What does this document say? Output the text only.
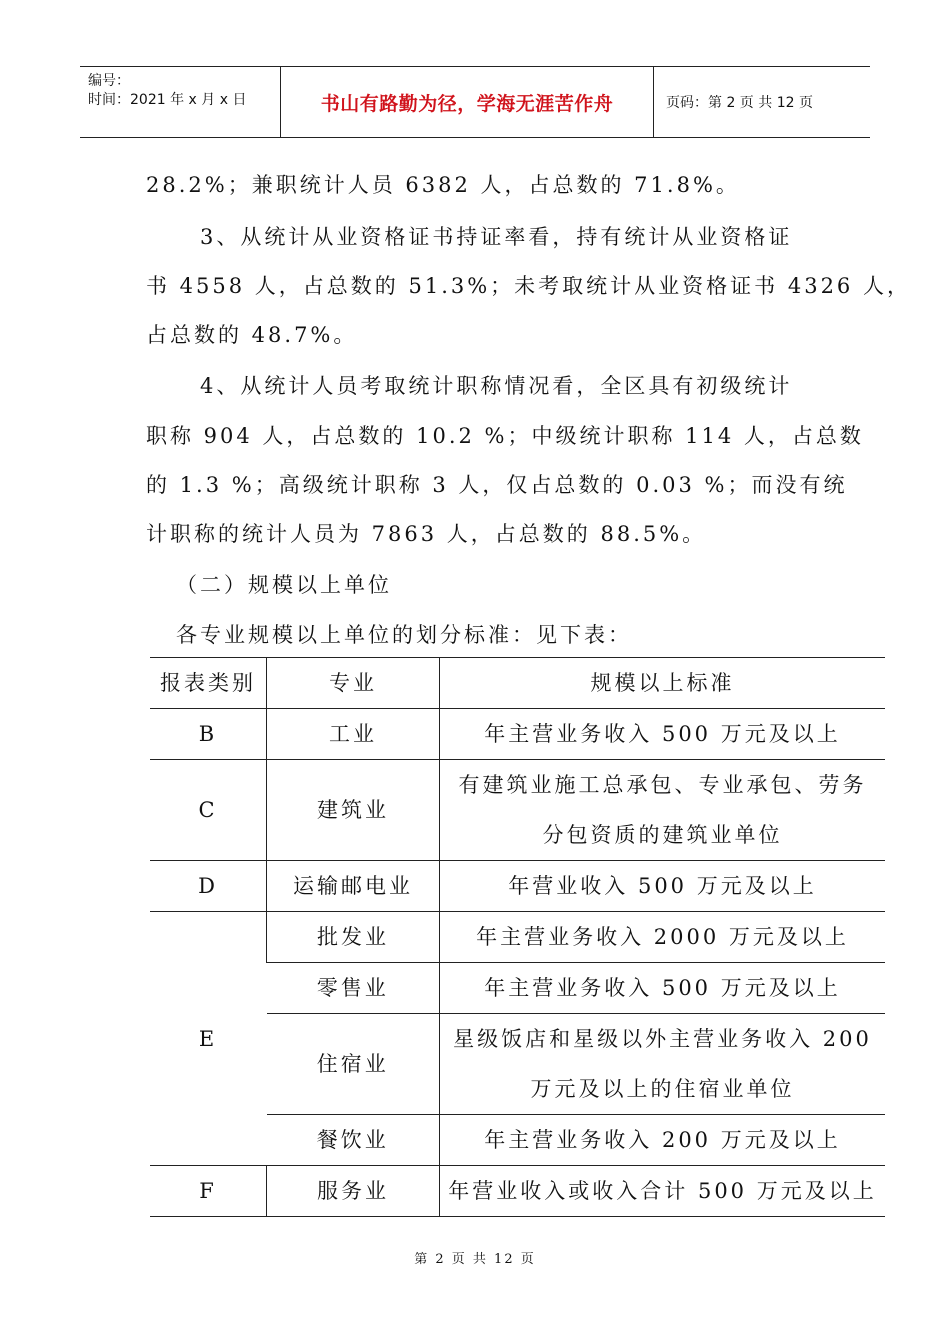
编号：
时间：2021 年 x 月 x 日	书山有路勤为径，学海无涯苦作舟	页码：第 2 页 共 12 页
28.2%；兼职统计人员 6382 人，占总数的 71.8%。
3、从统计从业资格证书持证率看，持有统计从业资格证
书 4558 人，占总数的 51.3%；未考取统计从业资格证书 4326 人，
占总数的 48.7%。
4、从统计人员考取统计职称情况看，全区具有初级统计
职称 904 人，占总数的 10.2 %；中级统计职称 114 人，占总数
的 1.3 %；高级统计职称 3 人，仅占总数的 0.03 %；而没有统
计职称的统计人员为 7863 人，占总数的 88.5%。
（二）规模以上单位
各专业规模以上单位的划分标准：见下表：
报表类别	专业	规模以上标准
B	工业	年主营业务收入 500 万元及以上
C	建筑业	有建筑业施工总承包、专业承包、劳务
分包资质的建筑业单位

D	运输邮电业	年营业收入 500 万元及以上
E	批发业	年主营业务收入 2000 万元及以上
	零售业	年主营业务收入 500 万元及以上
	住宿业	星级饭店和星级以外主营业务收入 200
万元及以上的住宿业单位

	餐饮业	年主营业务收入 200 万元及以上
F	服务业	年营业收入或收入合计 500 万元及以上
第 2 页 共 12 页
